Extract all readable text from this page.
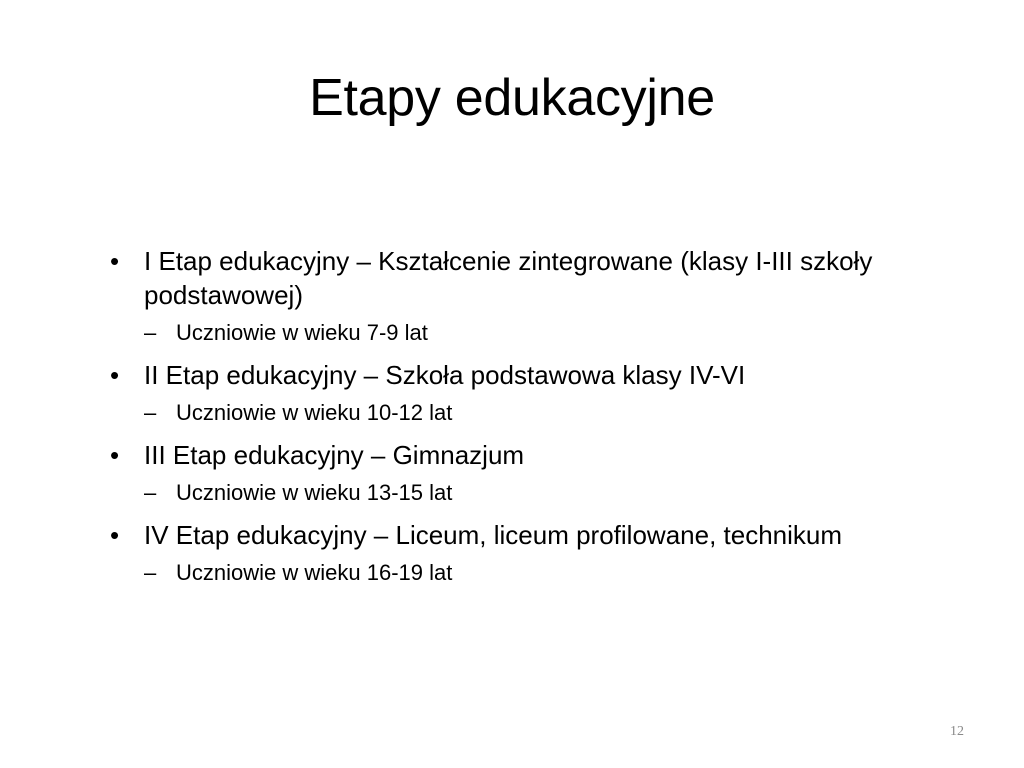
Etapy edukacyjne
• I Etap edukacyjny – Kształcenie zintegrowane (klasy I-III szkoły podstawowej)
– Uczniowie w wieku 7-9 lat
• II Etap edukacyjny – Szkoła podstawowa klasy IV-VI
– Uczniowie w wieku 10-12 lat
• III Etap edukacyjny – Gimnazjum
– Uczniowie w wieku 13-15 lat
• IV Etap edukacyjny – Liceum, liceum profilowane, technikum
– Uczniowie w wieku 16-19 lat
12
